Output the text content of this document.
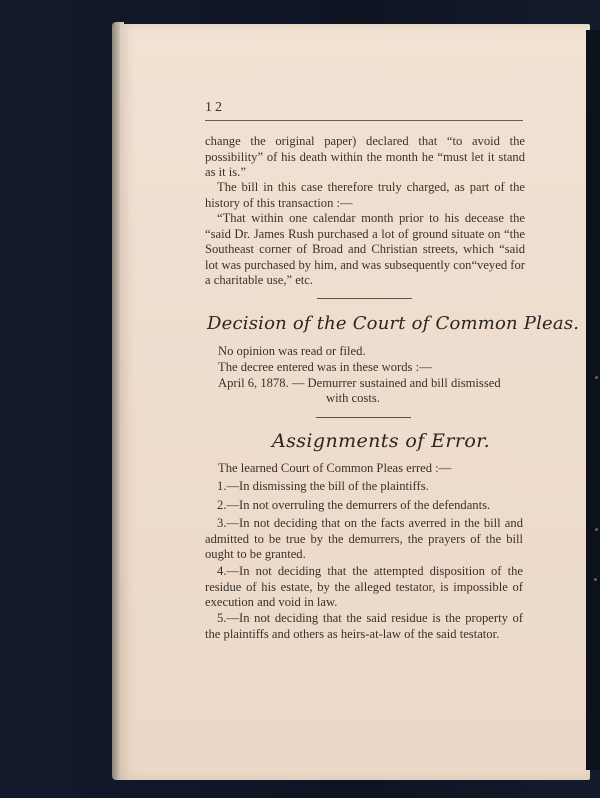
12

change the original paper) declared that “to avoid the possibility” of his death within the month he “must let it stand as it is.”

The bill in this case therefore truly charged, as part of the history of this transaction :—

“That within one calendar month prior to his decease the “said Dr. James Rush purchased a lot of ground situate on “the Southeast corner of Broad and Christian streets, which “said lot was purchased by him, and was subsequently con“veyed for a charitable use,” etc.

Decision of the Court of Common Pleas.

No opinion was read or filed.

The decree entered was in these words :—

April 6, 1878. — Demurrer sustained and bill dismissed

with costs.

Assignments of Error.

The learned Court of Common Pleas erred :—

1.—In dismissing the bill of the plaintiffs.

2.—In not overruling the demurrers of the defendants.

3.—In not deciding that on the facts averred in the bill and admitted to be true by the demurrers, the prayers of the bill ought to be granted.

4.—In not deciding that the attempted disposition of the residue of his estate, by the alleged testator, is impossible of execution and void in law.

5.—In not deciding that the said residue is the property of the plaintiffs and others as heirs-at-law of the said testator.
